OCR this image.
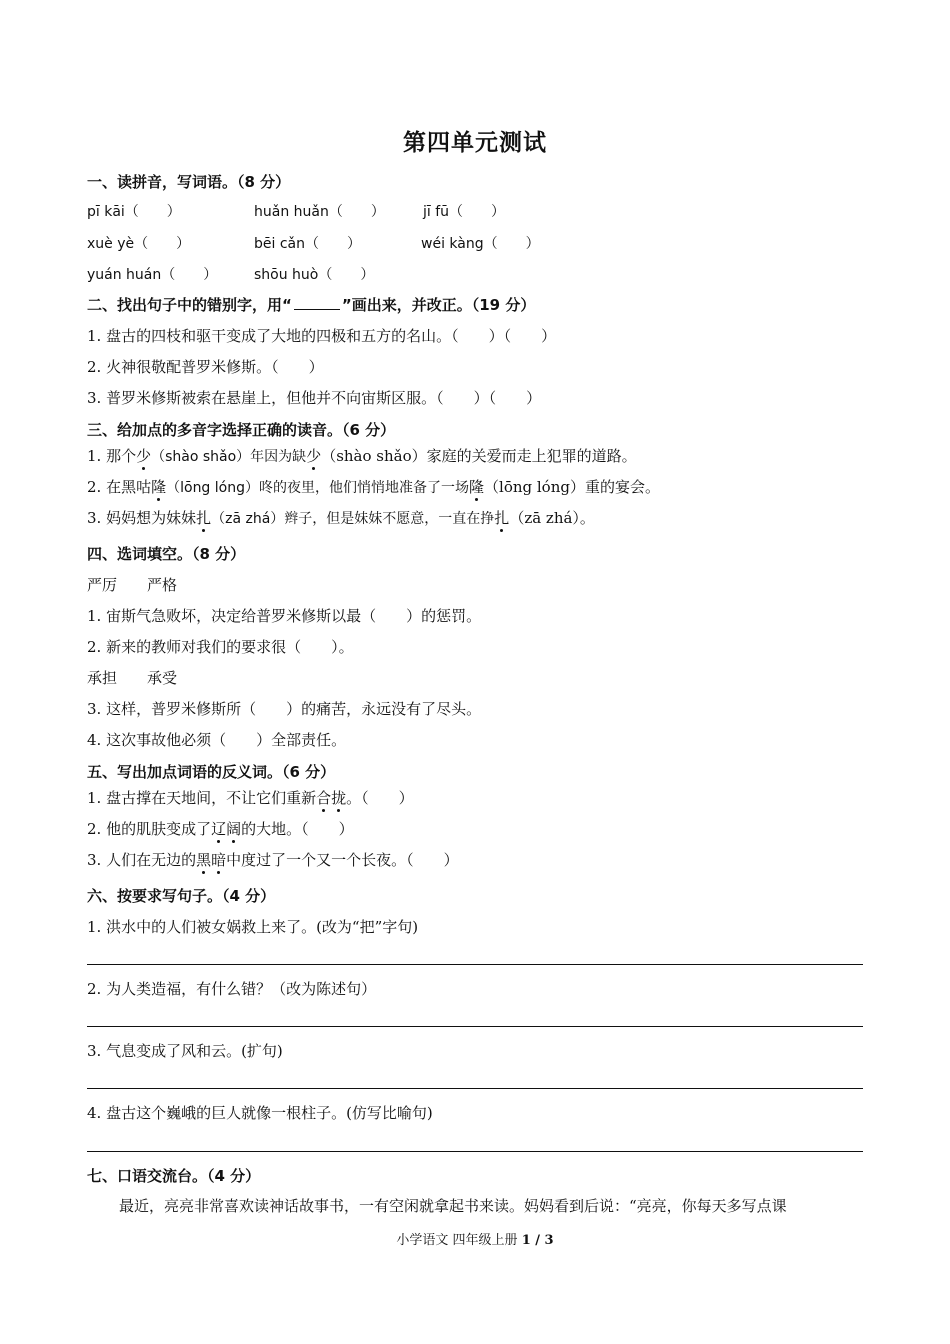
第四单元测试
一、读拼音，写词语。（8 分）
pī kāi（　　）	huǎn huǎn（　　）	jī fū（　　）
xuè yè（　　）	bēi cǎn（　　）	wéi kàng（　　）
yuán huán（　　）	shōu huò（　　）
二、找出句子中的错别字，用“	”画出来，并改正。（19 分）
1. 盘古的四枝和驱干变成了大地的四极和五方的名山。（　　）（　　）
2. 火神很敬配普罗米修斯。（　　）
3. 普罗米修斯被索在悬崖上，但他并不向宙斯区服。（　　）（　　）
三、给加点的多音字选择正确的读音。（6 分）
1. 那个少（shào shǎo）年因为缺少（shào shǎo）家庭的关爱而走上犯罪的道路。
2. 在黑咕隆（lōng lóng）咚的夜里，他们悄悄地准备了一场隆（lōng lóng）重的宴会。
3. 妈妈想为妹妹扎（zā zhá）辫子，但是妹妹不愿意，一直在挣扎（zā zhá）。
四、选词填空。（8 分）
严厉　　严格
1. 宙斯气急败坏，决定给普罗米修斯以最（　　）的惩罚。
2. 新来的教师对我们的要求很（　　）。
承担　　承受
3. 这样，普罗米修斯所（　　）的痛苦，永远没有了尽头。
4. 这次事故他必须（　　）全部责任。
五、写出加点词语的反义词。（6 分）
1. 盘古撑在天地间，不让它们重新合拢。（　　）
2. 他的肌肤变成了辽阔的大地。（　　）
3. 人们在无边的黑暗中度过了一个又一个长夜。（　　）
六、按要求写句子。（4 分）
1. 洪水中的人们被女娲救上来了。(改为“把”字句)
2. 为人类造福，有什么错？（改为陈述句）
3. 气息变成了风和云。(扩句)
4. 盘古这个巍峨的巨人就像一根柱子。(仿写比喻句)
七、口语交流台。（4 分）
最近，亮亮非常喜欢读神话故事书，一有空闲就拿起书来读。妈妈看到后说：“亮亮，你每天多写点课
小学语文 四年级上册 1 / 3
